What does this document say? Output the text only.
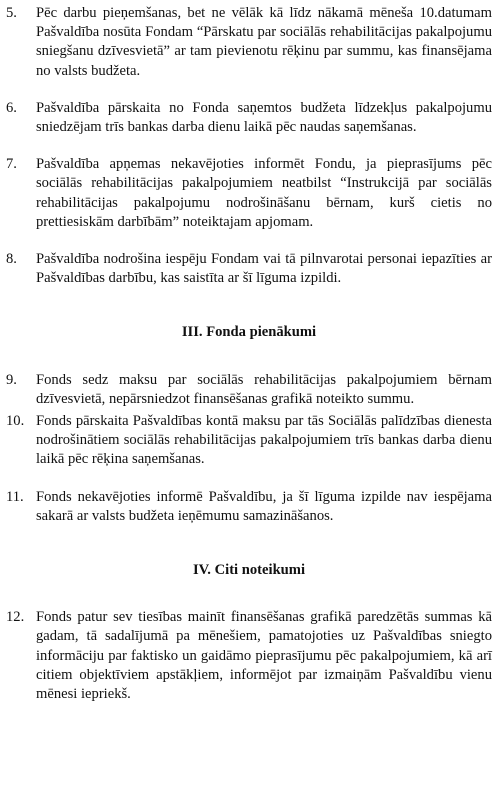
5. Pēc darbu pieņemšanas, bet ne vēlāk kā līdz nākamā mēneša 10.datumam Pašvaldība nosūta Fondam “Pārskatu par sociālās rehabilitācijas pakalpojumu sniegšanu dzīvesvietā” ar tam pievienotu rēķinu par summu, kas finansējama no valsts budžeta.
6. Pašvaldība pārskaita no Fonda saņemtos budžeta līdzekļus pakalpojumu sniedzējam trīs bankas darba dienu laikā pēc naudas saņemšanas.
7. Pašvaldība apņemas nekavējoties informēt Fondu, ja pieprasījums pēc sociālās rehabilitācijas pakalpojumiem neatbilst “Instrukcijā par sociālās rehabilitācijas pakalpojumu nodrošināšanu bērnam, kurš cietis no prettiesiskām darbībām” noteiktajam apjomam.
8. Pašvaldība nodrošina iespēju Fondam vai tā pilnvarotai personai iepazīties ar Pašvaldības darbību, kas saistīta ar šī līguma izpildi.
III. Fonda pienākumi
9. Fonds sedz maksu par sociālās rehabilitācijas pakalpojumiem bērnam dzīvesvietā, nepārsniedzot finansēšanas grafikā noteikto summu.
10. Fonds pārskaita Pašvaldības kontā maksu par tās Sociālās palīdzības dienesta nodrošinātiem sociālās rehabilitācijas pakalpojumiem trīs bankas darba dienu laikā pēc rēķina saņemšanas.
11. Fonds nekavējoties informē Pašvaldību, ja šī līguma izpilde nav iespējama sakarā ar valsts budžeta ieņēmumu samazināšanos.
IV. Citi noteikumi
12. Fonds patur sev tiesības mainīt finansēšanas grafikā paredzētās summas kā gadam, tā sadalījumā pa mēnešiem, pamatojoties uz Pašvaldības sniegto informāciju par faktisko un gaidāmo pieprasījumu pēc pakalpojumiem, kā arī citiem objektīviem apstākļiem, informējot par izmaiņām Pašvaldību vienu mēnesi iepriekš.
